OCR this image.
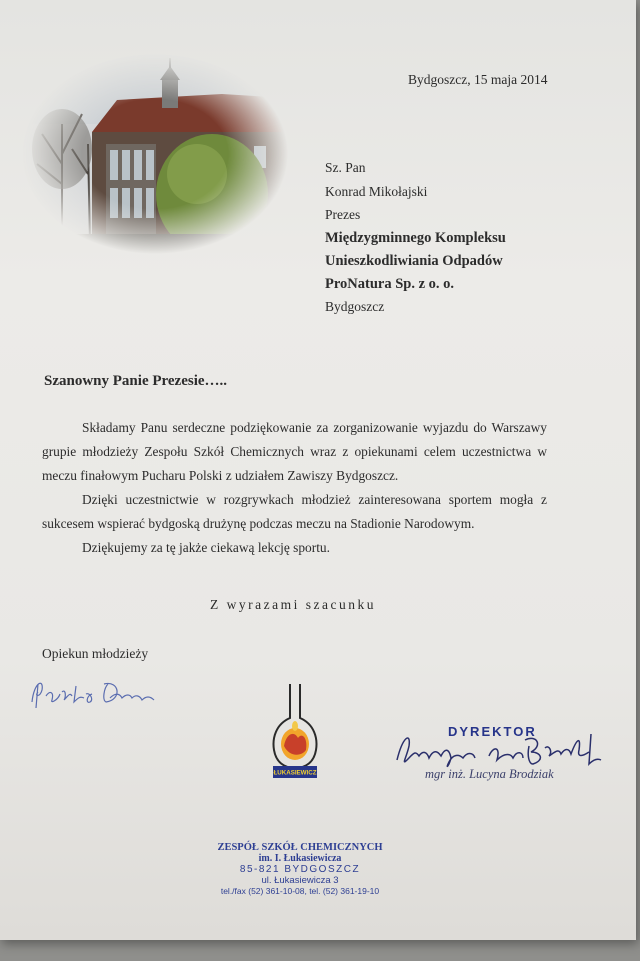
Bydgoszcz, 15 maja 2014
Sz. Pan
Konrad Mikołajski
Prezes
Międzygminnego Kompleksu
Unieszkodliwiania Odpadów
ProNatura Sp. z o. o.
Bydgoszcz
Szanowny Panie Prezesie…..

Składamy Panu serdeczne podziękowanie za zorganizowanie wyjazdu do Warszawy grupie młodzieży Zespołu Szkół Chemicznych wraz z opiekunami celem uczestnictwa w meczu finałowym Pucharu Polski z udziałem Zawiszy Bydgoszcz.

Dzięki uczestnictwie w rozgrywkach młodzież zainteresowana sportem mogła z sukcesem wspierać bydgoską drużynę podczas meczu na Stadionie Narodowym.

Dziękujemy za tę jakże ciekawą lekcję sportu.

Z wyrazami szacunku
Opiekun młodzieży
ŁUKASIEWICZ
DYREKTOR
mgr inż. Lucyna Brodziak
ZESPÓŁ SZKÓŁ CHEMICZNYCH
im. I. Łukasiewicza
85-821 BYDGOSZCZ
ul. Łukasiewicza 3
tel./fax (52) 361-10-08, tel. (52) 361-19-10
